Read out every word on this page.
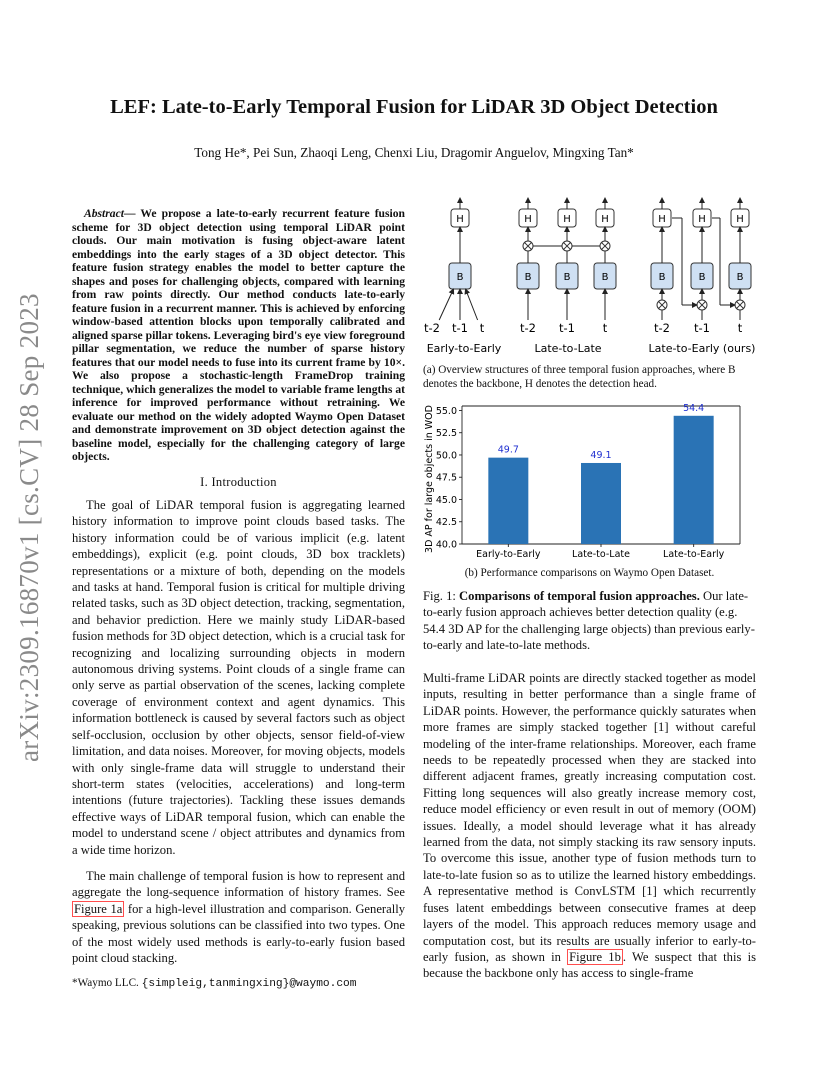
arXiv:2309.16870v1 [cs.CV] 28 Sep 2023
LEF: Late-to-Early Temporal Fusion for LiDAR 3D Object Detection
Tong He*, Pei Sun, Zhaoqi Leng, Chenxi Liu, Dragomir Anguelov, Mingxing Tan*
Abstract— We propose a late-to-early recurrent feature fusion scheme for 3D object detection using temporal LiDAR point clouds. Our main motivation is fusing object-aware latent embeddings into the early stages of a 3D object detector. This feature fusion strategy enables the model to better capture the shapes and poses for challenging objects, compared with learning from raw points directly. Our method conducts late-to-early feature fusion in a recurrent manner. This is achieved by enforcing window-based attention blocks upon temporally calibrated and aligned sparse pillar tokens. Leveraging bird's eye view foreground pillar segmentation, we reduce the number of sparse history features that our model needs to fuse into its current frame by 10×. We also propose a stochastic-length FrameDrop training technique, which generalizes the model to variable frame lengths at inference for improved performance without retraining. We evaluate our method on the widely adopted Waymo Open Dataset and demonstrate improvement on 3D object detection against the baseline model, especially for the challenging category of large objects.
I. Introduction
The goal of LiDAR temporal fusion is aggregating learned history information to improve point clouds based tasks. The history information could be of various implicit (e.g. latent embeddings), explicit (e.g. point clouds, 3D box tracklets) representations or a mixture of both, depending on the models and tasks at hand. Temporal fusion is critical for multiple driving related tasks, such as 3D object detection, tracking, segmentation, and behavior prediction. Here we mainly study LiDAR-based fusion methods for 3D object detection, which is a crucial task for recognizing and localizing surrounding objects in modern autonomous driving systems. Point clouds of a single frame can only serve as partial observation of the scenes, lacking complete coverage of environment context and agent dynamics. This information bottleneck is caused by several factors such as object self-occlusion, occlusion by other objects, sensor field-of-view limitation, and data noises. Moreover, for moving objects, models with only single-frame data will struggle to understand their short-term states (velocities, accelerations) and long-term intentions (future trajectories). Tackling these issues demands effective ways of LiDAR temporal fusion, which can enable the model to understand scene / object attributes and dynamics from a wide time horizon.
The main challenge of temporal fusion is how to represent and aggregate the long-sequence information of history frames. See Figure 1a for a high-level illustration and comparison. Generally speaking, previous solutions can be classified into two types. One of the most widely used methods is early-to-early fusion based point cloud stacking.
*Waymo LLC. {simpleig,tanmingxing}@waymo.com
H
B
t-2 t-1 t
Early-to-Early
H
B
t-2
H
B
t-1
H
B
t
Late-to-Late
H
B
t-2
H
B
t-1
H
B
t
Late-to-Early (ours)
(a) Overview structures of three temporal fusion approaches, where B denotes the backbone, H denotes the detection head.
40.0
42.5
45.0
47.5
50.0
52.5
55.0
3D AP for large objects in WOD	49.7
Early-to-Early
49.1
Late-to-Late
54.4
Late-to-Early
(b) Performance comparisons on Waymo Open Dataset.
Fig. 1: Comparisons of temporal fusion approaches. Our late-to-early fusion approach achieves better detection quality (e.g. 54.4 3D AP for the challenging large objects) than previous early-to-early and late-to-late methods.
Multi-frame LiDAR points are directly stacked together as model inputs, resulting in better performance than a single frame of LiDAR points. However, the performance quickly saturates when more frames are simply stacked together [1] without careful modeling of the inter-frame relationships. Moreover, each frame needs to be repeatedly processed when they are stacked into different adjacent frames, greatly increasing computation cost. Fitting long sequences will also greatly increase memory cost, reduce model efficiency or even result in out of memory (OOM) issues. Ideally, a model should leverage what it has already learned from the data, not simply stacking its raw sensory inputs. To overcome this issue, another type of fusion methods turn to late-to-late fusion so as to utilize the learned history embeddings. A representative method is ConvLSTM [1] which recurrently fuses latent embeddings between consecutive frames at deep layers of the model. This approach reduces memory usage and computation cost, but its results are usually inferior to early-to-early fusion, as shown in Figure 1b . We suspect that this is because the backbone only has access to single-frame
